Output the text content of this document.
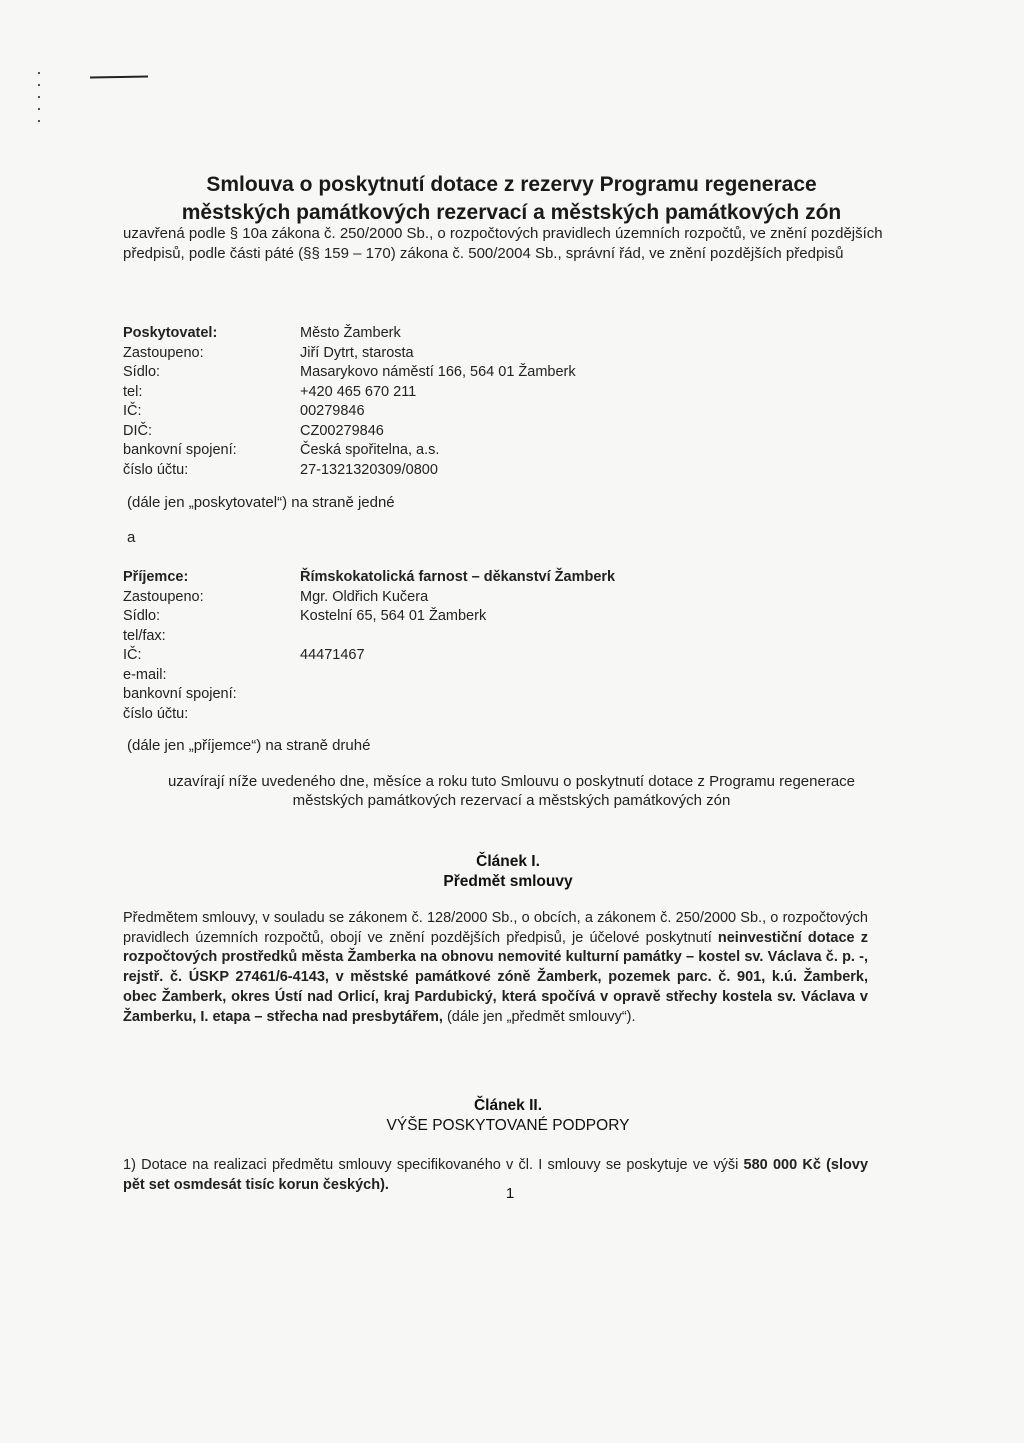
Smlouva o poskytnutí dotace z rezervy Programu regenerace
městských památkových rezervací a městských památkových zón

uzavřená podle § 10a zákona č. 250/2000 Sb., o rozpočtových pravidlech územních rozpočtů, ve znění pozdějších předpisů, podle části páté (§§ 159 – 170) zákona č. 500/2004 Sb., správní řád, ve znění pozdějších předpisů

Poskytovatel:	Město Žamberk
Zastoupeno:	Jiří Dytrt, starosta
Sídlo:	Masarykovo náměstí 166, 564 01 Žamberk
tel:	+420 465 670 211
IČ:	00279846
DIČ:	CZ00279846
bankovní spojení:	Česká spořitelna, a.s.
číslo účtu:	27-1321320309/0800

(dále jen „poskytovatel“) na straně jedné

a

Příjemce:	Římskokatolická farnost – děkanství Žamberk
Zastoupeno:	Mgr. Oldřich Kučera
Sídlo:	Kostelní 65, 564 01 Žamberk
tel/fax:
IČ:	44471467
e-mail:
bankovní spojení:
číslo účtu:

(dále jen „příjemce“) na straně druhé

uzavírají níže uvedeného dne, měsíce a roku tuto Smlouvu o poskytnutí dotace z Programu regenerace

městských památkových rezervací a městských památkových zón

Článek I.
Předmět smlouvy

Předmětem smlouvy, v souladu se zákonem č. 128/2000 Sb., o obcích, a zákonem č. 250/2000 Sb., o rozpočtových pravidlech územních rozpočtů, obojí ve znění pozdějších předpisů, je účelové poskytnutí neinvestiční dotace z rozpočtových prostředků města Žamberka na obnovu nemovité kulturní památky – kostel sv. Václava č. p. -, rejstř. č. ÚSKP 27461/6-4143, v městské památkové zóně Žamberk, pozemek parc. č. 901, k.ú. Žamberk, obec Žamberk, okres Ústí nad Orlicí, kraj Pardubický, která spočívá v opravě střechy kostela sv. Václava v Žamberku, I. etapa – střecha nad presbytářem, (dále jen „předmět smlouvy“).

Článek II.
VÝŠE POSKYTOVANÉ PODPORY

1) Dotace na realizaci předmětu smlouvy specifikovaného v čl. I smlouvy se poskytuje ve výši 580 000 Kč (slovy pět set osmdesát tisíc korun českých).

1
